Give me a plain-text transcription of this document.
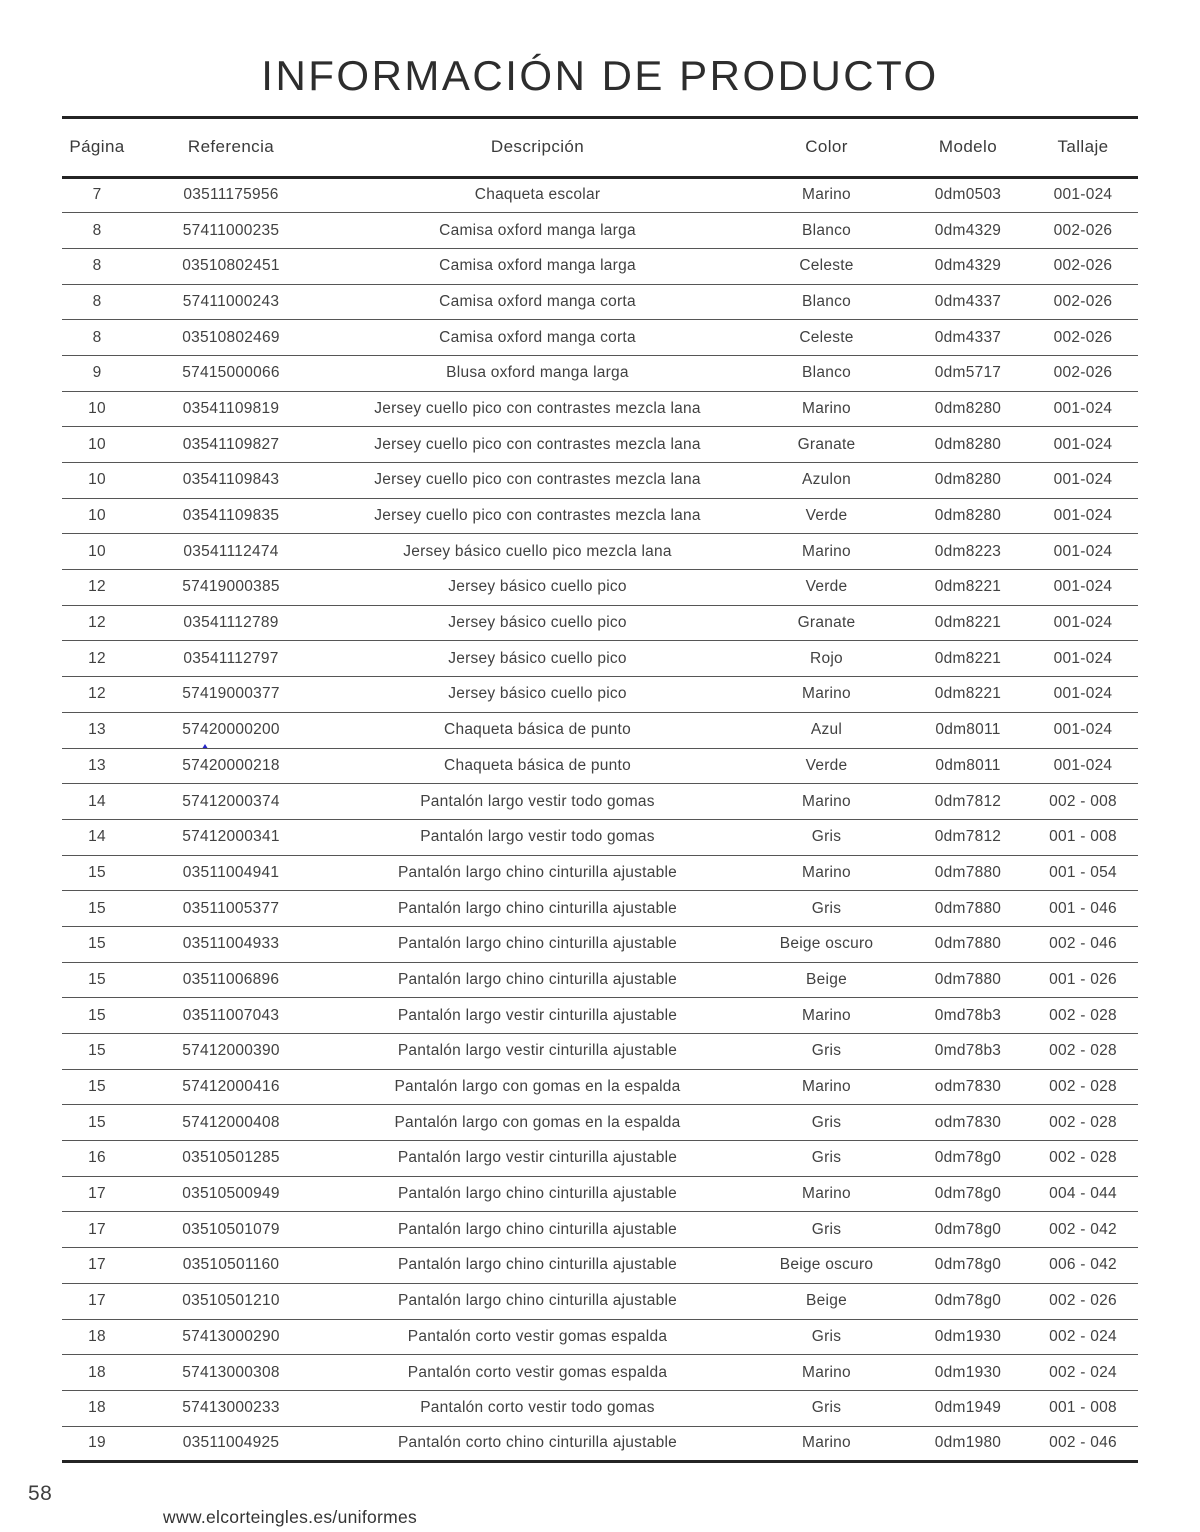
INFORMACIÓN DE PRODUCTO
Página	Referencia	Descripción	Color	Modelo	Tallaje
7	03511175956	Chaqueta escolar	Marino	0dm0503	001-024
8	57411000235	Camisa oxford manga larga	Blanco	0dm4329	002-026
8	03510802451	Camisa oxford manga larga	Celeste	0dm4329	002-026
8	57411000243	Camisa oxford manga corta	Blanco	0dm4337	002-026
8	03510802469	Camisa oxford manga corta	Celeste	0dm4337	002-026
9	57415000066	Blusa oxford manga larga	Blanco	0dm5717	002-026
10	03541109819	Jersey cuello pico con contrastes mezcla lana	Marino	0dm8280	001-024
10	03541109827	Jersey cuello pico con contrastes mezcla lana	Granate	0dm8280	001-024
10	03541109843	Jersey cuello pico con contrastes mezcla lana	Azulon	0dm8280	001-024
10	03541109835	Jersey cuello pico con contrastes mezcla lana	Verde	0dm8280	001-024
10	03541112474	Jersey básico cuello pico mezcla lana	Marino	0dm8223	001-024
12	57419000385	Jersey básico cuello pico	Verde	0dm8221	001-024
12	03541112789	Jersey básico cuello pico	Granate	0dm8221	001-024
12	03541112797	Jersey básico cuello pico	Rojo	0dm8221	001-024
12	57419000377	Jersey básico cuello pico	Marino	0dm8221	001-024
13	57420000200	Chaqueta básica de punto	Azul	0dm8011	001-024
13	57420000218	Chaqueta básica de punto	Verde	0dm8011	001-024
14	57412000374	Pantalón largo vestir todo gomas	Marino	0dm7812	002 - 008
14	57412000341	Pantalón largo vestir todo gomas	Gris	0dm7812	001 - 008
15	03511004941	Pantalón largo chino cinturilla ajustable	Marino	0dm7880	001 - 054
15	03511005377	Pantalón largo chino cinturilla ajustable	Gris	0dm7880	001 - 046
15	03511004933	Pantalón largo chino cinturilla ajustable	Beige oscuro	0dm7880	002 - 046
15	03511006896	Pantalón largo chino cinturilla ajustable	Beige	0dm7880	001 - 026
15	03511007043	Pantalón largo vestir cinturilla ajustable	Marino	0md78b3	002 - 028
15	57412000390	Pantalón largo vestir cinturilla ajustable	Gris	0md78b3	002 - 028
15	57412000416	Pantalón largo con gomas en la espalda	Marino	odm7830	002 - 028
15	57412000408	Pantalón largo con gomas en la espalda	Gris	odm7830	002 - 028
16	03510501285	Pantalón largo vestir cinturilla ajustable	Gris	0dm78g0	002 - 028
17	03510500949	Pantalón largo chino cinturilla ajustable	Marino	0dm78g0	004 - 044
17	03510501079	Pantalón largo chino cinturilla ajustable	Gris	0dm78g0	002 - 042
17	03510501160	Pantalón largo chino cinturilla ajustable	Beige oscuro	0dm78g0	006 - 042
17	03510501210	Pantalón largo chino cinturilla ajustable	Beige	0dm78g0	002 - 026
18	57413000290	Pantalón corto vestir gomas espalda	Gris	0dm1930	002 - 024
18	57413000308	Pantalón corto vestir gomas espalda	Marino	0dm1930	002 - 024
18	57413000233	Pantalón corto vestir todo gomas	Gris	0dm1949	001 - 008
19	03511004925	Pantalón corto chino cinturilla ajustable	Marino	0dm1980	002 - 046
58
www.elcorteingles.es/uniformes
